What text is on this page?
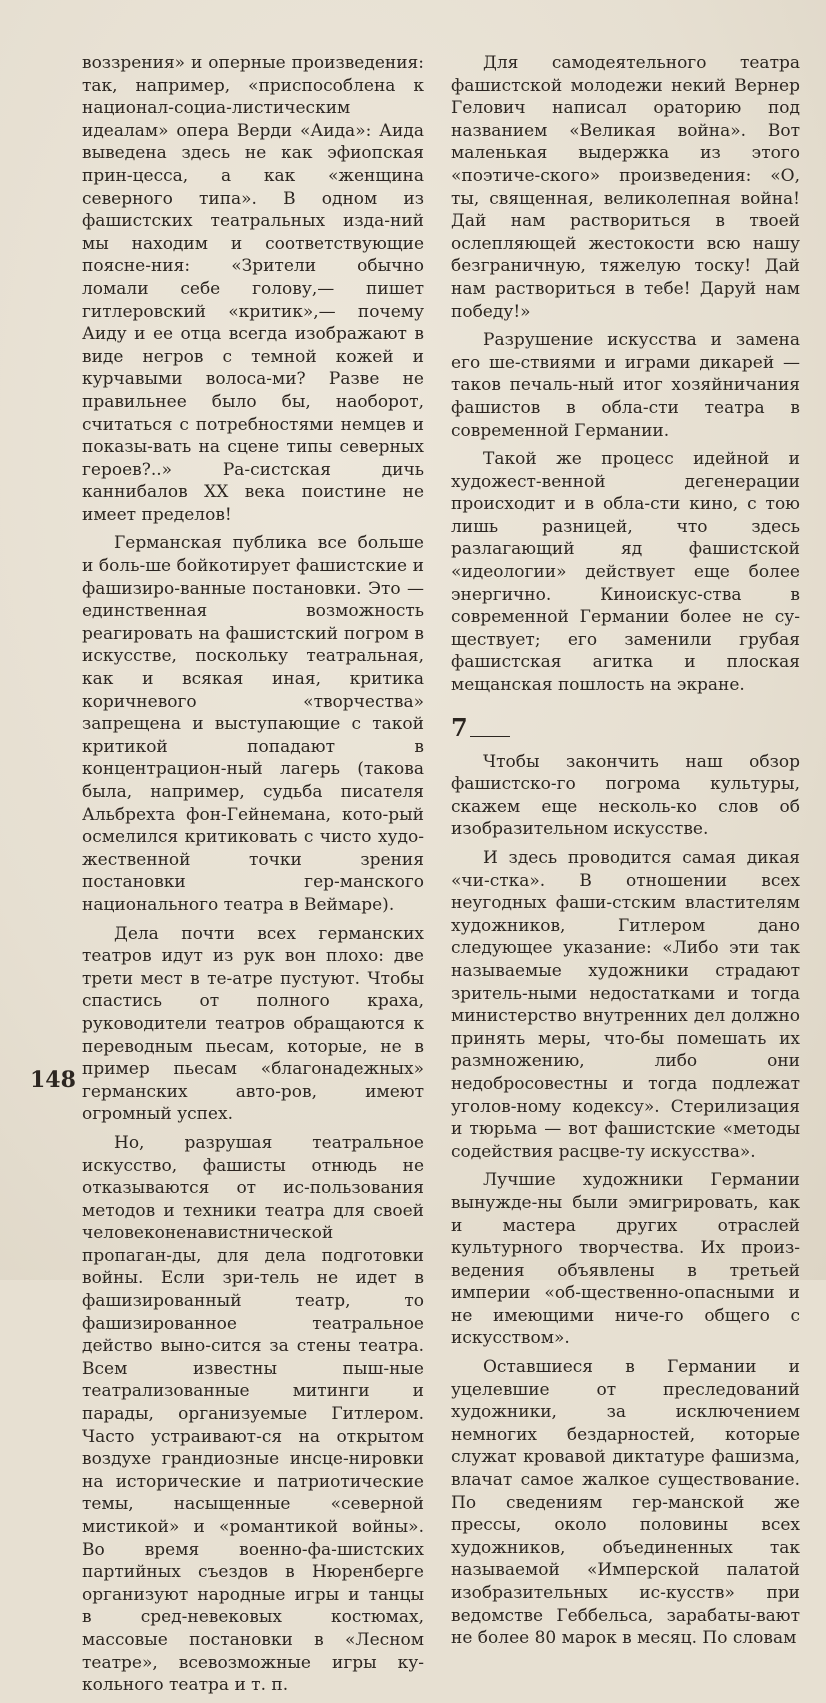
воззрения» и оперные произведения: так, например, «приспособлена к национал-социа-листическим идеалам» опера Верди «Аида»: Аида выведена здесь не как эфиопская прин-цесса, а как «женщина северного типа». В одном из фашистских театральных изда-ний мы находим и соответствующие поясне-ния: «Зрители обычно ломали себе голову,— пишет гитлеровский «критик»,— почему Аиду и ее отца всегда изображают в виде негров с темной кожей и курчавыми волоса-ми? Разве не правильнее было бы, наоборот, считаться с потребностями немцев и показы-вать на сцене типы северных героев?..» Ра-систская дичь каннибалов XX века поистине не имеет пределов!

Германская публика все больше и боль-ше бойкотирует фашистские и фашизиро-ванные постановки. Это — единственная возможность реагировать на фашистский погром в искусстве, поскольку театральная, как и всякая иная, критика коричневого «творчества» запрещена и выступающие с такой критикой попадают в концентрацион-ный лагерь (такова была, например, судьба писателя Альбрехта фон-Гейнемана, кото-рый осмелился критиковать с чисто худо-жественной точки зрения постановки гер-манского национального театра в Веймаре).

Дела почти всех германских театров идут из рук вон плохо: две трети мест в те-атре пустуют. Чтобы спастись от полного краха, руководители театров обращаются к переводным пьесам, которые, не в пример пьесам «благонадежных» германских авто-ров, имеют огромный успех.

Но, разрушая театральное искусство, фашисты отнюдь не отказываются от ис-пользования методов и техники театра для своей человеконенавистнической пропаган-ды, для дела подготовки войны. Если зри-тель не идет в фашизированный театр, то фашизированное театральное действо выно-сится за стены театра. Всем известны пыш-ные театрализованные митинги и парады, организуемые Гитлером. Часто устраивают-ся на открытом воздухе грандиозные инсце-нировки на исторические и патриотические темы, насыщенные «северной мистикой» и «романтикой войны». Во время военно-фа-шистских партийных съездов в Нюренберге организуют народные игры и танцы в сред-невековых костюмах, массовые постановки в «Лесном театре», всевозможные игры ку-кольного театра и т. п.

Для самодеятельного театра фашистской молодежи некий Вернер Гелович написал ораторию под названием «Великая война». Вот маленькая выдержка из этого «поэтиче-ского» произведения: «О, ты, священная, великолепная война! Дай нам раствориться в твоей ослепляющей жестокости всю нашу безграничную, тяжелую тоску! Дай нам раствориться в тебе! Даруй нам победу!»

Разрушение искусства и замена его ше-ствиями и играми дикарей — таков печаль-ный итог хозяйничания фашистов в обла-сти театра в современной Германии.

Такой же процесс идейной и художест-венной дегенерации происходит и в обла-сти кино, с тою лишь разницей, что здесь разлагающий яд фашистской «идеологии» действует еще более энергично. Киноискус-ства в современной Германии более не су-ществует; его заменили грубая фашистская агитка и плоская мещанская пошлость на экране.

7

Чтобы закончить наш обзор фашистско-го погрома культуры, скажем еще несколь-ко слов об изобразительном искусстве.

И здесь проводится самая дикая «чи-стка». В отношении всех неугодных фаши-стским властителям художников, Гитлером дано следующее указание: «Либо эти так называемые художники страдают зритель-ными недостатками и тогда министерство внутренних дел должно принять меры, что-бы помешать их размножению, либо они недобросовестны и тогда подлежат уголов-ному кодексу». Стерилизация и тюрьма — вот фашистские «методы содействия расцве-ту искусства».

Лучшие художники Германии вынужде-ны были эмигрировать, как и мастера других отраслей культурного творчества. Их произ-ведения объявлены в третьей империи «об-щественно-опасными и не имеющими ниче-го общего с искусством».

Оставшиеся в Германии и уцелевшие от преследований художники, за исключением немногих бездарностей, которые служат кровавой диктатуре фашизма, влачат самое жалкое существование. По сведениям гер-манской же прессы, около половины всех художников, объединенных так называемой «Имперской палатой изобразительных ис-кусств» при ведомстве Геббельса, зарабаты-вают не более 80 марок в месяц. По словам

148
